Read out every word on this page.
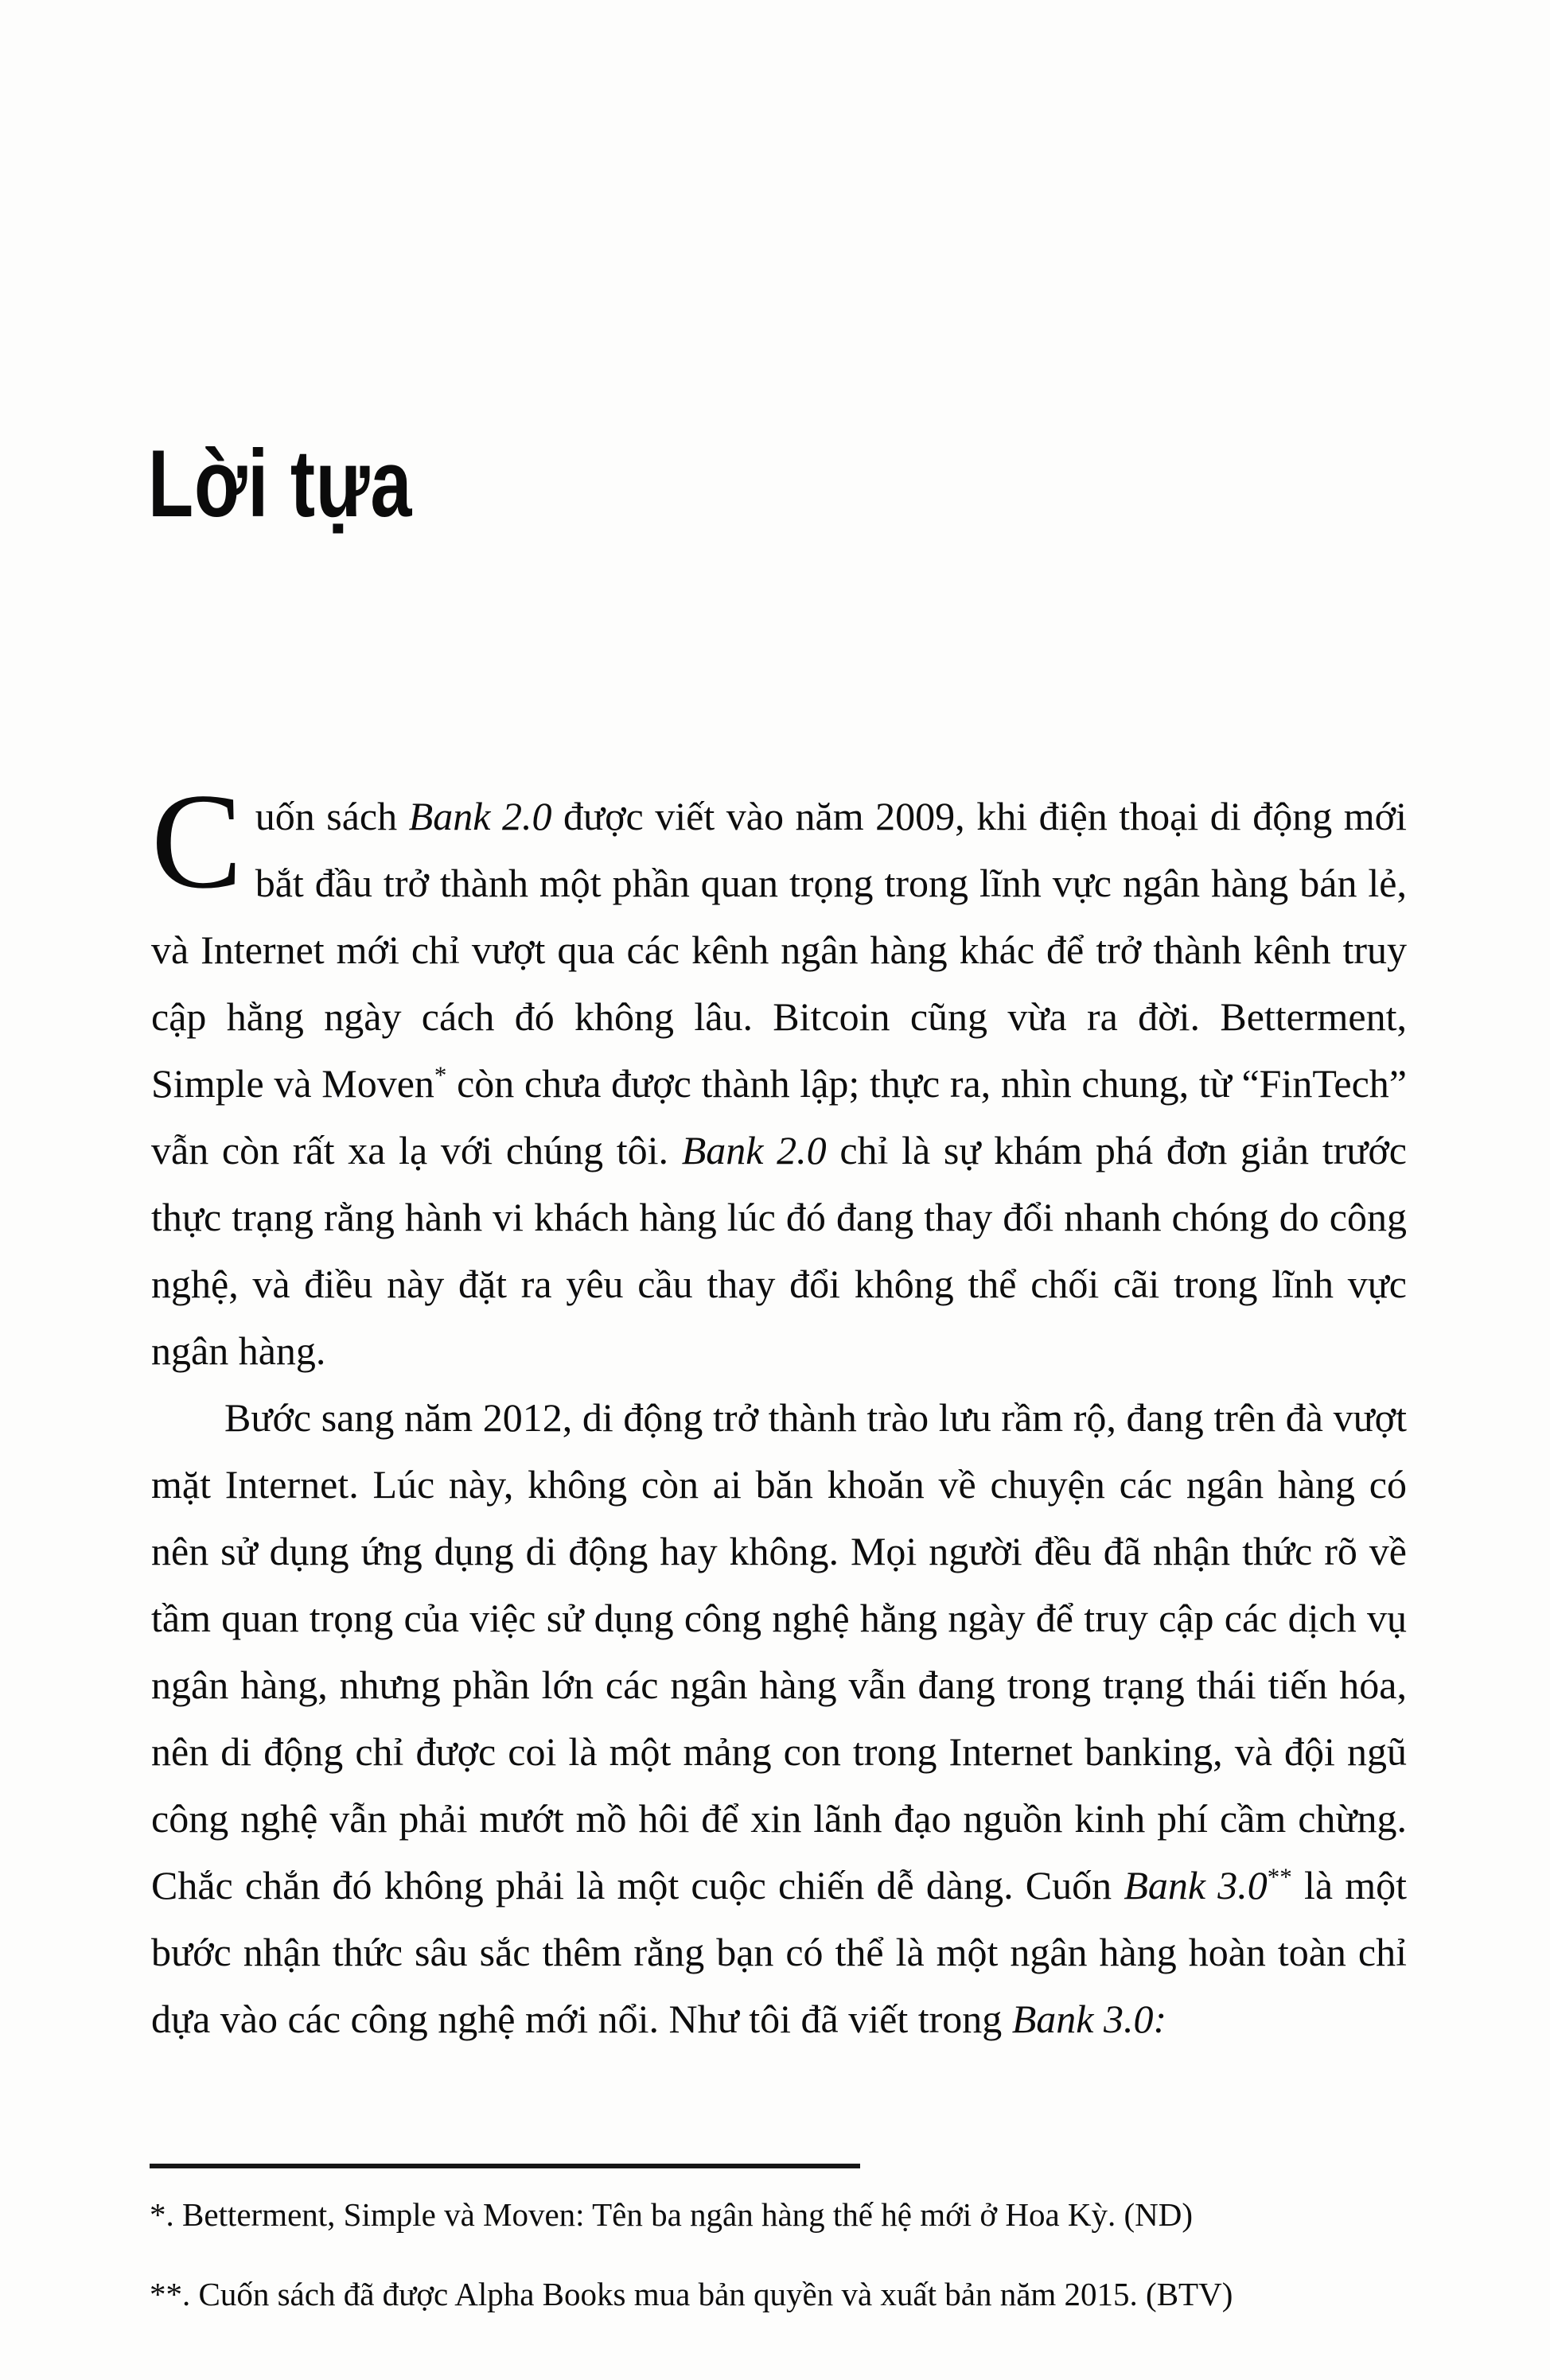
Lời tựa

Cuốn sách Bank 2.0 được viết vào năm 2009, khi điện thoại di động mới bắt đầu trở thành một phần quan trọng trong lĩnh vực ngân hàng bán lẻ, và Internet mới chỉ vượt qua các kênh ngân hàng khác để trở thành kênh truy cập hằng ngày cách đó không lâu. Bitcoin cũng vừa ra đời. Betterment, Simple và Moven* còn chưa được thành lập; thực ra, nhìn chung, từ “FinTech” vẫn còn rất xa lạ với chúng tôi. Bank 2.0 chỉ là sự khám phá đơn giản trước thực trạng rằng hành vi khách hàng lúc đó đang thay đổi nhanh chóng do công nghệ, và điều này đặt ra yêu cầu thay đổi không thể chối cãi trong lĩnh vực ngân hàng.

Bước sang năm 2012, di động trở thành trào lưu rầm rộ, đang trên đà vượt mặt Internet. Lúc này, không còn ai băn khoăn về chuyện các ngân hàng có nên sử dụng ứng dụng di động hay không. Mọi người đều đã nhận thức rõ về tầm quan trọng của việc sử dụng công nghệ hằng ngày để truy cập các dịch vụ ngân hàng, nhưng phần lớn các ngân hàng vẫn đang trong trạng thái tiến hóa, nên di động chỉ được coi là một mảng con trong Internet banking, và đội ngũ công nghệ vẫn phải mướt mồ hôi để xin lãnh đạo nguồn kinh phí cầm chừng. Chắc chắn đó không phải là một cuộc chiến dễ dàng. Cuốn Bank 3.0** là một bước nhận thức sâu sắc thêm rằng bạn có thể là một ngân hàng hoàn toàn chỉ dựa vào các công nghệ mới nổi. Như tôi đã viết trong Bank 3.0:

*. Betterment, Simple và Moven: Tên ba ngân hàng thế hệ mới ở Hoa Kỳ. (ND)

**. Cuốn sách đã được Alpha Books mua bản quyền và xuất bản năm 2015. (BTV)
